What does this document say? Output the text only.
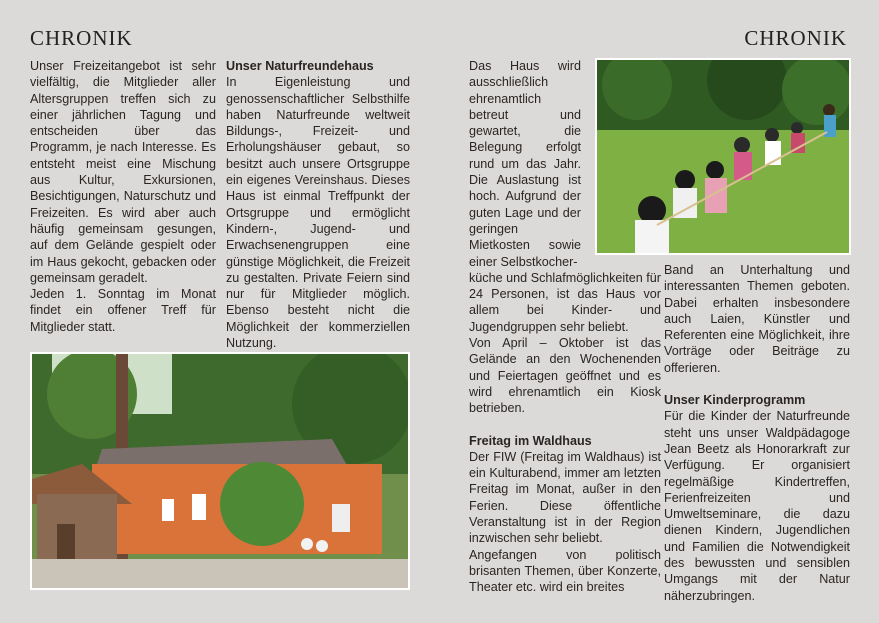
CHRONIK	CHRONIK

Unser Freizeitangebot ist sehr vielfältig, die Mitglieder aller Altersgruppen treffen sich zu einer jährlichen Tagung und entscheiden über das Programm, je nach Interesse. Es entsteht meist eine Mischung aus Kultur, Exkursionen, Besichtigungen, Naturschutz und Freizeiten. Es wird aber auch häufig gemeinsam gesungen, auf dem Gelände gespielt oder im Haus gekocht, gebacken oder gemeinsam geradelt.

Jeden 1. Sonntag im Monat findet ein offener Treff für Mitglieder statt.

Unser Naturfreundehaus

In Eigenleistung und genossenschaftlicher Selbsthilfe haben Naturfreunde weltweit Bildungs-, Freizeit- und Erholungshäuser gebaut, so besitzt auch unsere Ortsgruppe ein eigenes Vereinshaus. Dieses Haus ist einmal Treffpunkt der Ortsgruppe und ermöglicht Kindern-, Jugend- und Erwachsenengruppen eine günstige Möglichkeit, die Freizeit zu gestalten. Private Feiern sind nur für Mitglieder möglich. Ebenso besteht nicht die Möglichkeit der kommerziellen Nutzung.

Das Haus wird ausschließlich ehrenamtlich betreut und gewartet, die Belegung erfolgt rund um das Jahr. Die Auslastung ist hoch. Aufgrund der guten Lage und der geringen Mietkosten sowie einer Selbstkocher-

küche und Schlafmöglichkeiten für 24 Personen, ist das Haus vor allem bei Kinder- und Jugendgruppen sehr beliebt.

Von April – Oktober ist das Gelände an den Wochenenden und Feiertagen geöffnet und es wird ehrenamtlich ein Kiosk betrieben.

Freitag im Waldhaus

Der FIW (Freitag im Waldhaus) ist ein Kulturabend, immer am letzten Freitag im Monat, außer in den Ferien. Diese öffentliche Veranstaltung ist in der Region inzwischen sehr beliebt.

Angefangen von politisch brisanten Themen, über Konzerte, Theater etc. wird ein breites

Band an Unterhaltung und interessanten Themen geboten. Dabei erhalten insbesondere auch Laien, Künstler und Referenten eine Möglichkeit, ihre Vorträge oder Beiträge zu offerieren.

Unser Kinderprogramm

Für die Kinder der Naturfreunde steht uns unser Waldpädagoge Jean Beetz als Honorarkraft zur Verfügung. Er organisiert regelmäßige Kindertreffen, Ferienfreizeiten und Umweltseminare, die dazu dienen Kindern, Jugendlichen und Familien die Notwendigkeit des bewussten und sensiblen Umgangs mit der Natur näherzubringen.
